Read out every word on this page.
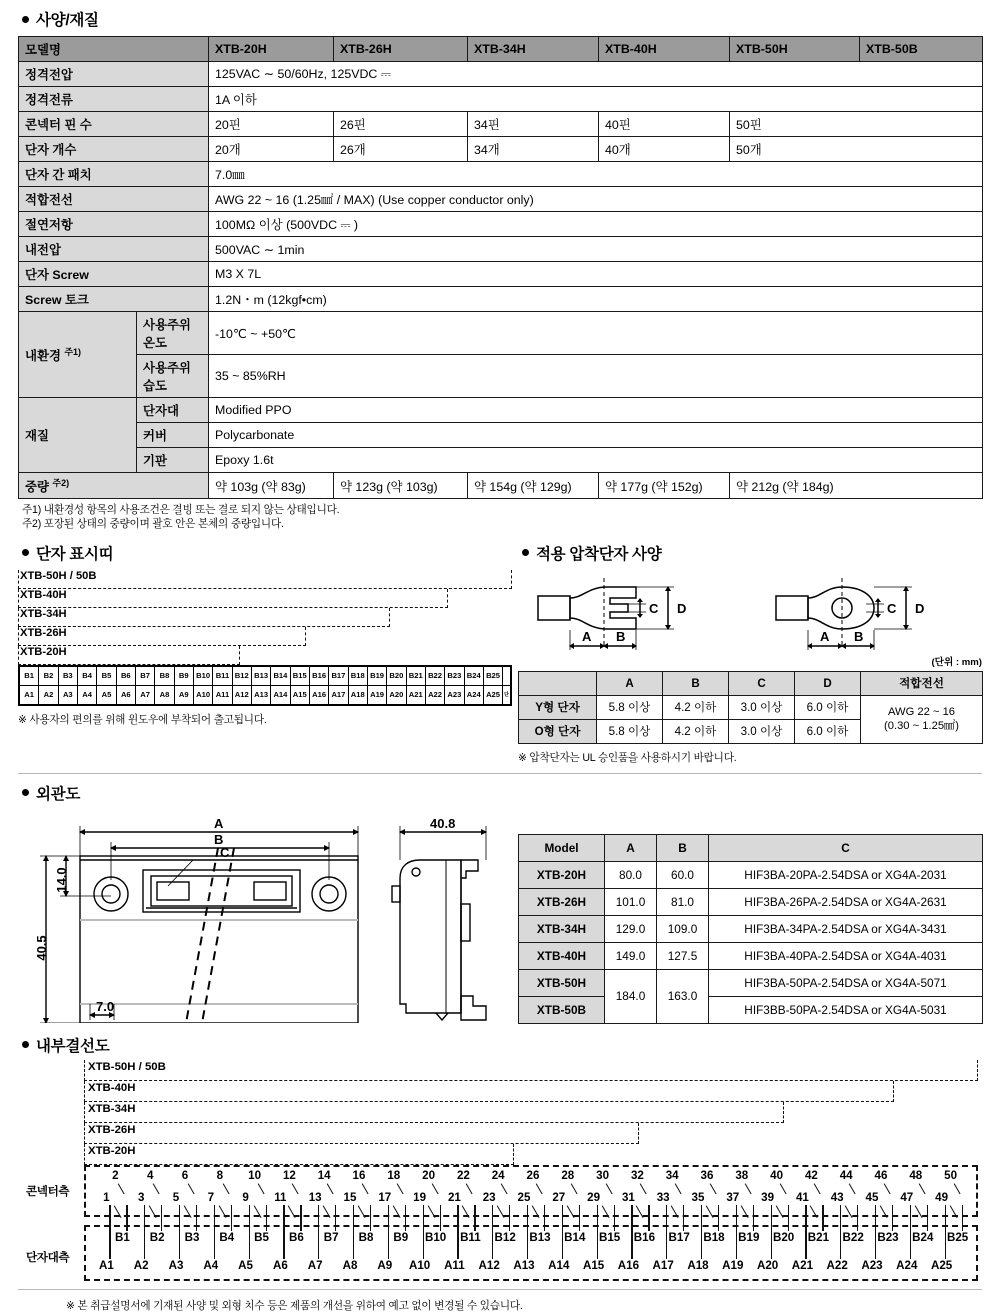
사양/재질
모델명		XTB-20H	XTB-26H	XTB-34H	XTB-40H	XTB-50H	XTB-50B
정격전압		125VAC ∼ 50/60Hz, 125VDC ⎓					
정격전류		1A 이하					
콘넥터 핀 수		20핀	26핀	34핀	40핀	50핀	
단자 개수		20개	26개	34개	40개	50개	
단자 간 패치		7.0㎜					
적합전선		AWG 22 ~ 16 (1.25㎟ / MAX) (Use copper conductor only)					
절연저항		100MΩ 이상 (500VDC ⎓ )					
내전압		500VAC ∼ 1min					
단자 Screw		M3 X 7L					
Screw 토크		1.2N・m (12kgf•cm)					
내환경 $^{주1)}$	사용주위온도	-10℃ ~ +50℃					
	사용주위습도	35 ~ 85%RH					
재질	단자대	Modified PPO					
	커버	Polycarbonate					
	기판	Epoxy 1.6t					
중량 $^{주2)}$		약 103g (약 83g)	약 123g (약 103g)	약 154g (약 129g)	약 177g (약 152g)	약 212g (약 184g)	
주1) 내환경성 항목의 사용조건은 결빙 또는 결로 되지 않는 상태입니다.
주2) 포장된 상태의 중량이며 괄호 안은 본체의 중량입니다.
단자 표시띠
XTB-50H / 50B
XTB-40H
XTB-34H
XTB-26H
XTB-20H
B1	B2	B3	B4	B5	B6	B7	B8	B9	B10	B11	B12	B13	B14	B15	B16	B17	B18	B19	B20	B21	B22	B23	B24	B25	
A1	A2	A3	A4	A5	A6	A7	A8	A9	A10	A11	A12	A13	A14	A15	A16	A17	A18	A19	A20	A21	A22	A23	A24	A25	단
※ 사용자의 편의를 위해 윈도우에 부착되어 출고됩니다.
적용 압착단자 사양
C D
A B
C D
A B
(단위 : mm)
	A	B	C	D	적합전선
Y형 단자	5.8 이상	4.2 이하	3.0 이상	6.0 이하	AWG 22 ~ 16
(0.30 ~ 1.25㎟)
O형 단자	5.8 이상	4.2 이하	3.0 이상	6.0 이하	
※ 압착단자는 UL 승인품을 사용하시기 바랍니다.
외관도
A
B
C
40.8
7.0
40.5
14.0
Model	A	B	C
XTB-20H	80.0	60.0	HIF3BA-20PA-2.54DSA or XG4A-2031
XTB-26H	101.0	81.0	HIF3BA-26PA-2.54DSA or XG4A-2631
XTB-34H	129.0	109.0	HIF3BA-34PA-2.54DSA or XG4A-3431
XTB-40H	149.0	127.5	HIF3BA-40PA-2.54DSA or XG4A-4031
XTB-50H	184.0	163.0	HIF3BA-50PA-2.54DSA or XG4A-5071
XTB-50B			HIF3BB-50PA-2.54DSA or XG4A-5031
내부결선도
XTB-50H / 50B
XTB-40H
XTB-34H
XTB-26H
XTB-20H
콘넥터측
단자대측
2
1
B1
A1
4
3
B2
A2
6
5
B3
A3
8
7
B4
A4
10
9
B5
A5
12
11
B6
A6
14
13
B7
A7
16
15
B8
A8
18
17
B9
A9
20
19
B10
A10
22
21
B11
A11
24
23
B12
A12
26
25
B13
A13
28
27
B14
A14
30
29
B15
A15
32
31
B16
A16
34
33
B17
A17
36
35
B18
A18
38
37
B19
A19
40
39
B20
A20
42
41
B21
A21
44
43
B22
A22
46
45
B23
A23
48
47
B24
A24
50
49
B25
A25
※ 본 취급설명서에 기재된 사양 및 외형 치수 등은 제품의 개선을 위하여 예고 없이 변경될 수 있습니다.
